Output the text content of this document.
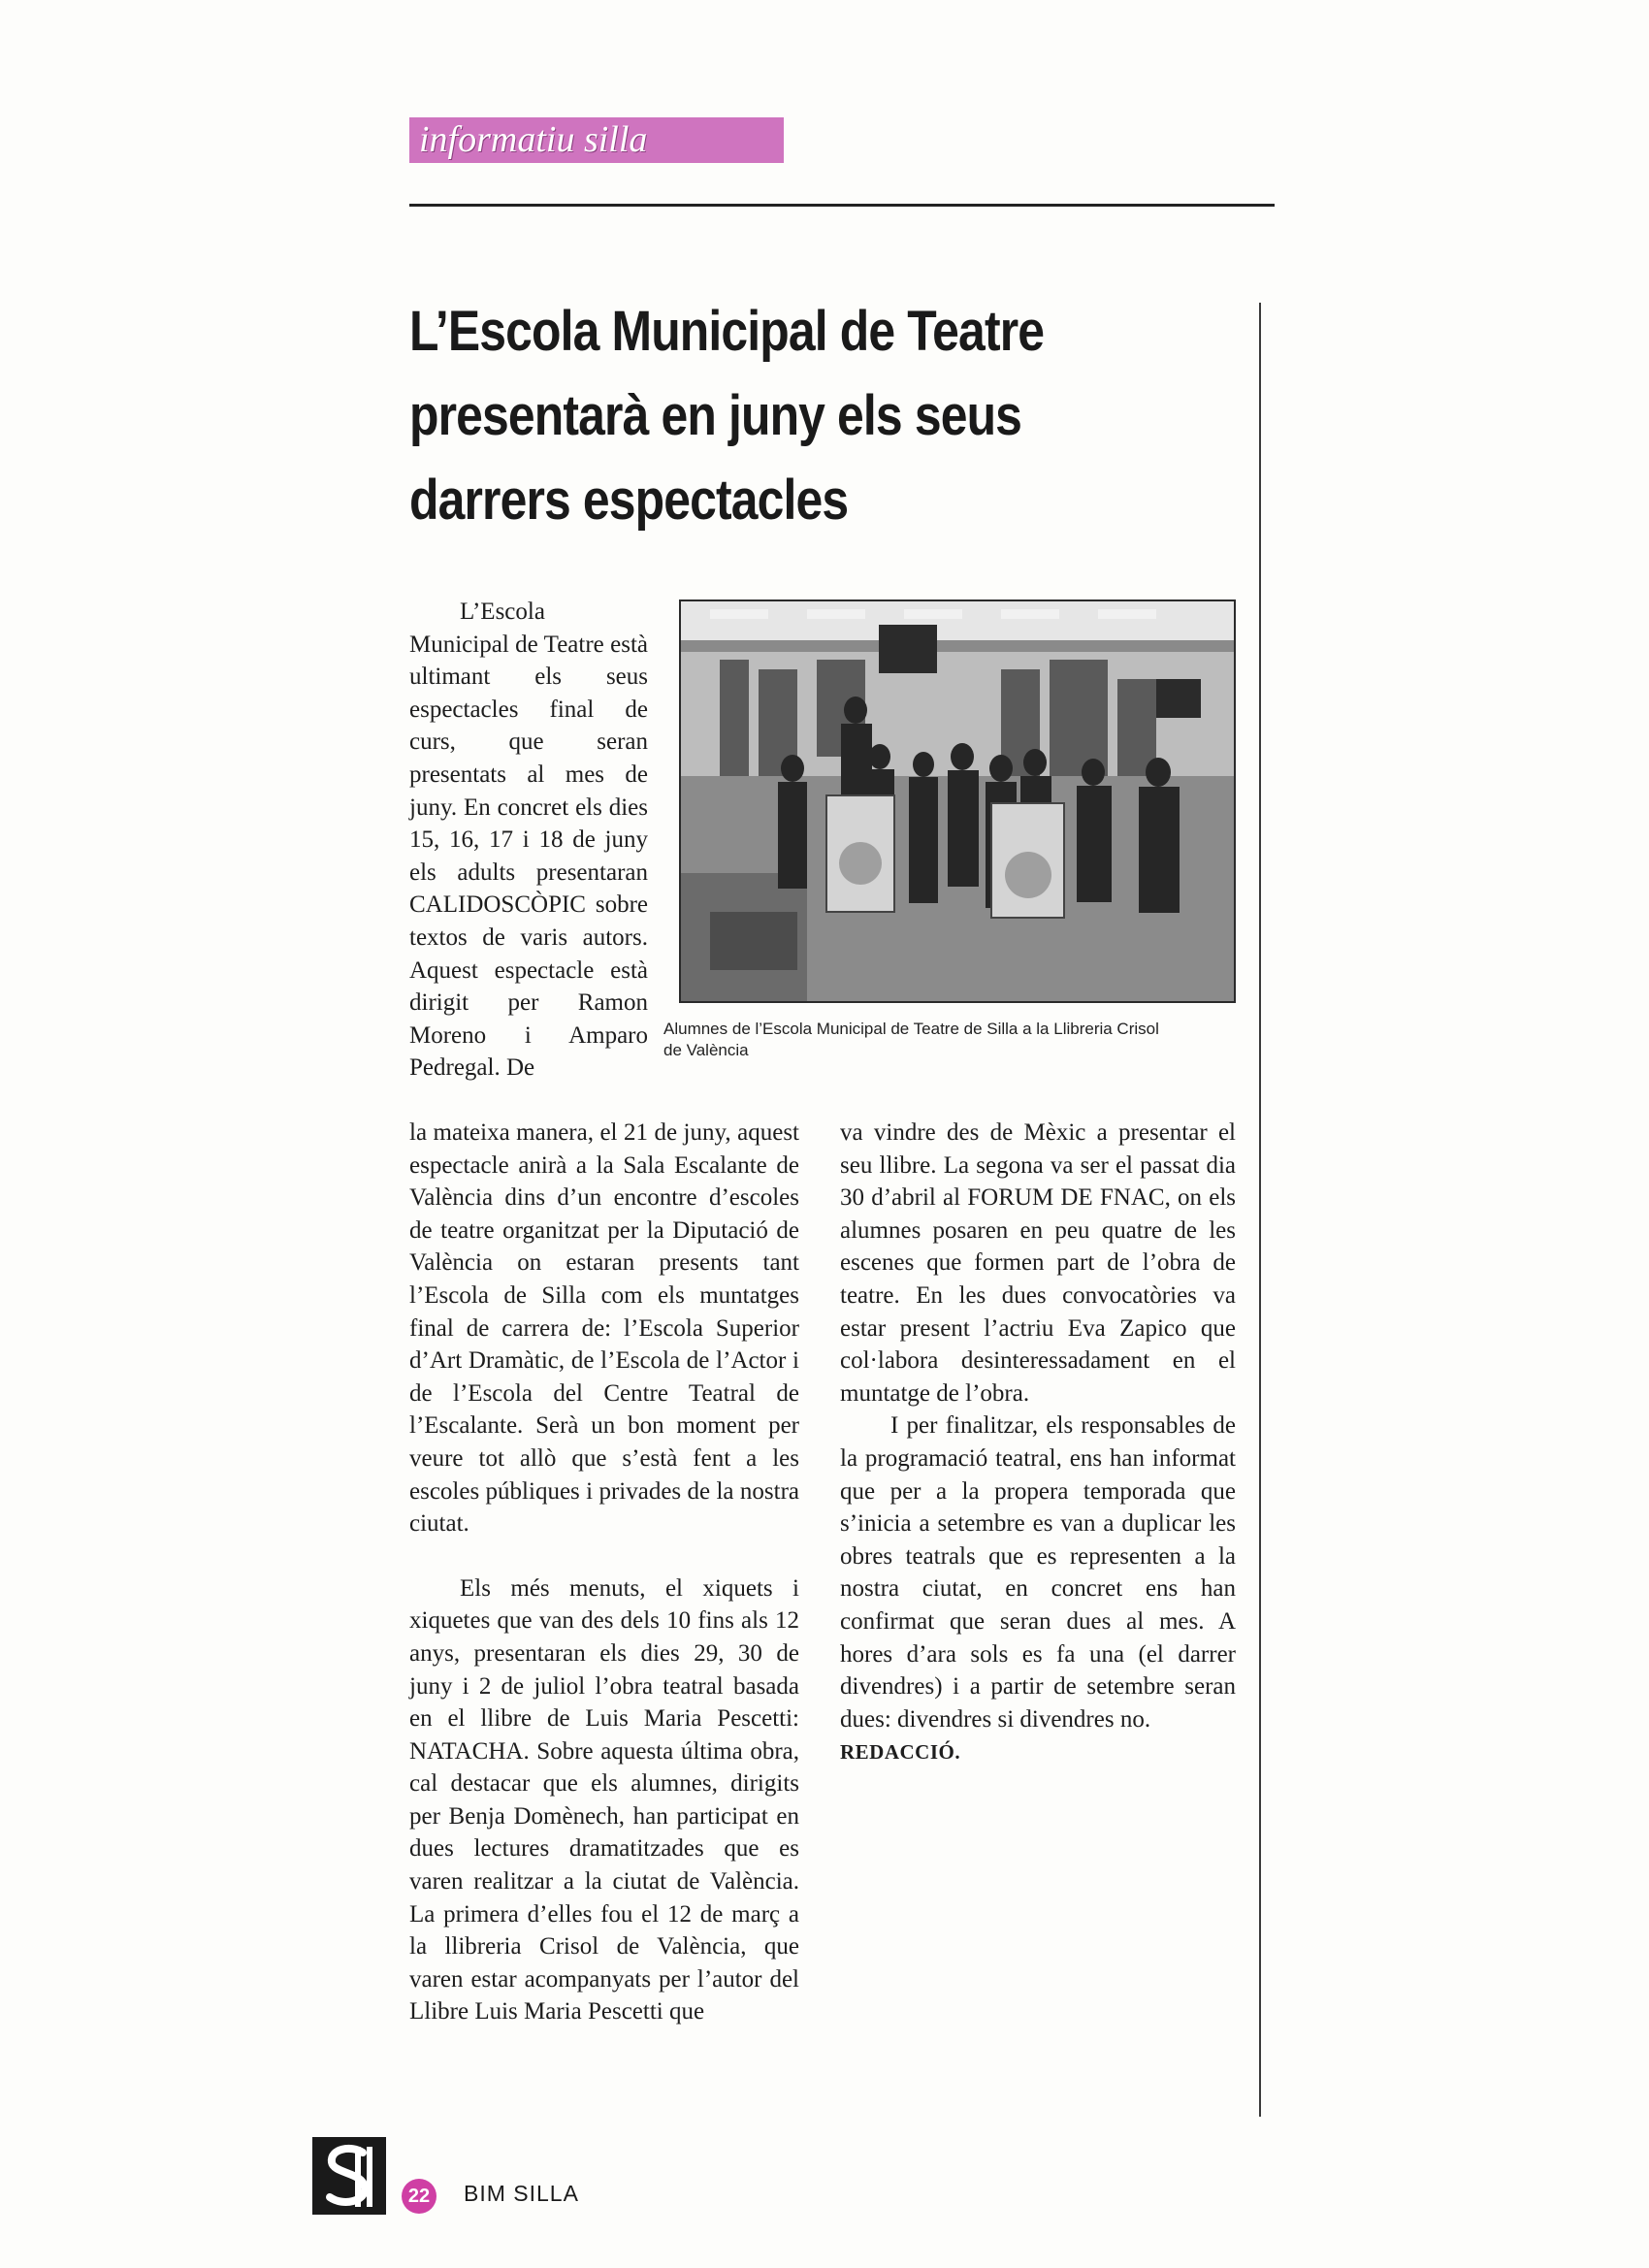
informatiu silla
L’Escola Municipal de Teatre presentarà en juny els seus darrers espectacles

L’Escola Municipal de Teatre està ultimant els seus espectacles final de curs, que seran presentats al mes de juny. En concret els dies 15, 16, 17 i 18 de juny els adults presentaran CALIDOSCÒPIC sobre textos de varis autors. Aquest espectacle està dirigit per Ramon Moreno i Amparo Pedregal. De

Alumnes de l’Escola Municipal de Teatre de Silla a la Llibreria Crisol de València

la mateixa manera, el 21 de juny, aquest espectacle anirà a la Sala Escalante de València dins d’un encontre d’escoles de teatre organitzat per la Diputació de València on estaran presents tant l’Escola de Silla com els muntatges final de carrera de: l’Escola Superior d’Art Dramàtic, de l’Escola de l’Actor i de l’Escola del Centre Teatral de l’Escalante. Serà un bon moment per veure tot allò que s’està fent a les escoles públiques i privades de la nostra ciutat.

Els més menuts, el xiquets i xiquetes que van des dels 10 fins als 12 anys, presentaran els dies 29, 30 de juny i 2 de juliol l’obra teatral basada en el llibre de Luis Maria Pescetti: NATACHA. Sobre aquesta última obra, cal destacar que els alumnes, dirigits per Benja Domènech, han participat en dues lectures dramatitzades que es varen realitzar a la ciutat de València. La primera d’elles fou el 12 de març a la llibreria Crisol de València, que varen estar acompanyats per l’autor del Llibre Luis Maria Pescetti que

va vindre des de Mèxic a presentar el seu llibre. La segona va ser el passat dia 30 d’abril al FORUM DE FNAC, on els alumnes posaren en peu quatre de les escenes que formen part de l’obra de teatre. En les dues convocatòries va estar present l’actriu Eva Zapico que col·labora desinteressadament en el muntatge de l’obra.

I per finalitzar, els responsables de la programació teatral, ens han informat que per a la propera temporada que s’inicia a setembre es van a duplicar les obres teatrals que es representen a la nostra ciutat, en concret ens han confirmat que seran dues al mes. A hores d’ara sols es fa una (el darrer divendres) i a partir de setembre seran dues: divendres si divendres no.

REDACCIÓ.

22 BIM SILLA
